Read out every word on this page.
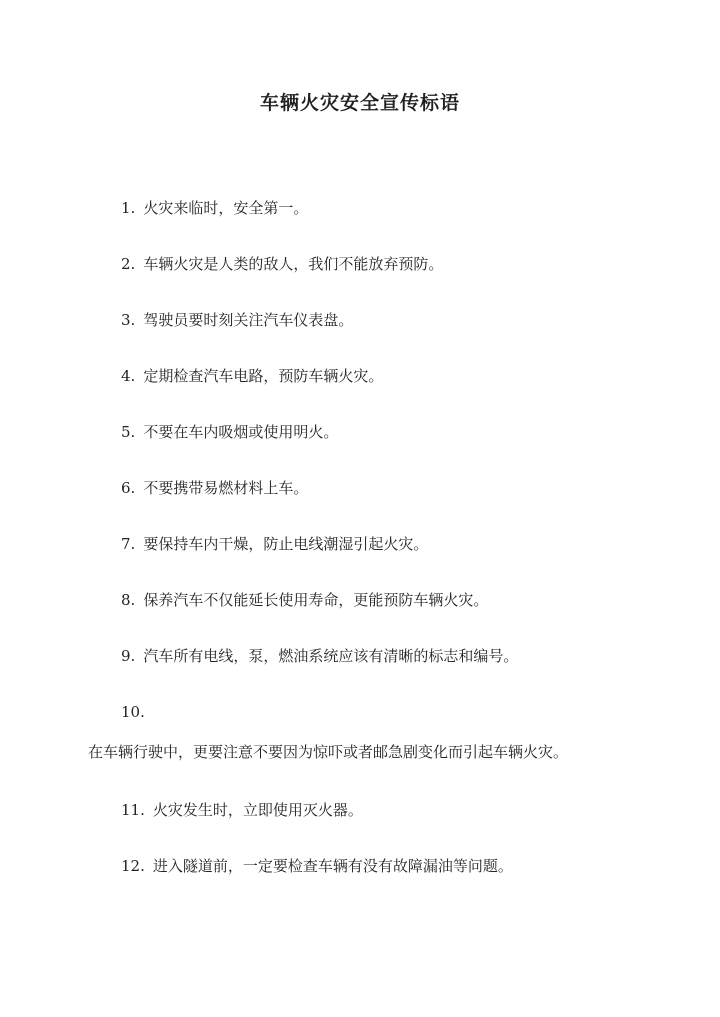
车辆火灾安全宣传标语
1. 火灾来临时，安全第一。
2. 车辆火灾是人类的敌人，我们不能放弃预防。
3. 驾驶员要时刻关注汽车仪表盘。
4. 定期检查汽车电路，预防车辆火灾。
5. 不要在车内吸烟或使用明火。
6. 不要携带易燃材料上车。
7. 要保持车内干燥，防止电线潮湿引起火灾。
8. 保养汽车不仅能延长使用寿命，更能预防车辆火灾。
9. 汽车所有电线，泵，燃油系统应该有清晰的标志和编号。
10.
在车辆行驶中，更要注意不要因为惊吓或者邮急剧变化而引起车辆火灾。
11. 火灾发生时，立即使用灭火器。
12. 进入隧道前，一定要检查车辆有没有故障漏油等问题。
